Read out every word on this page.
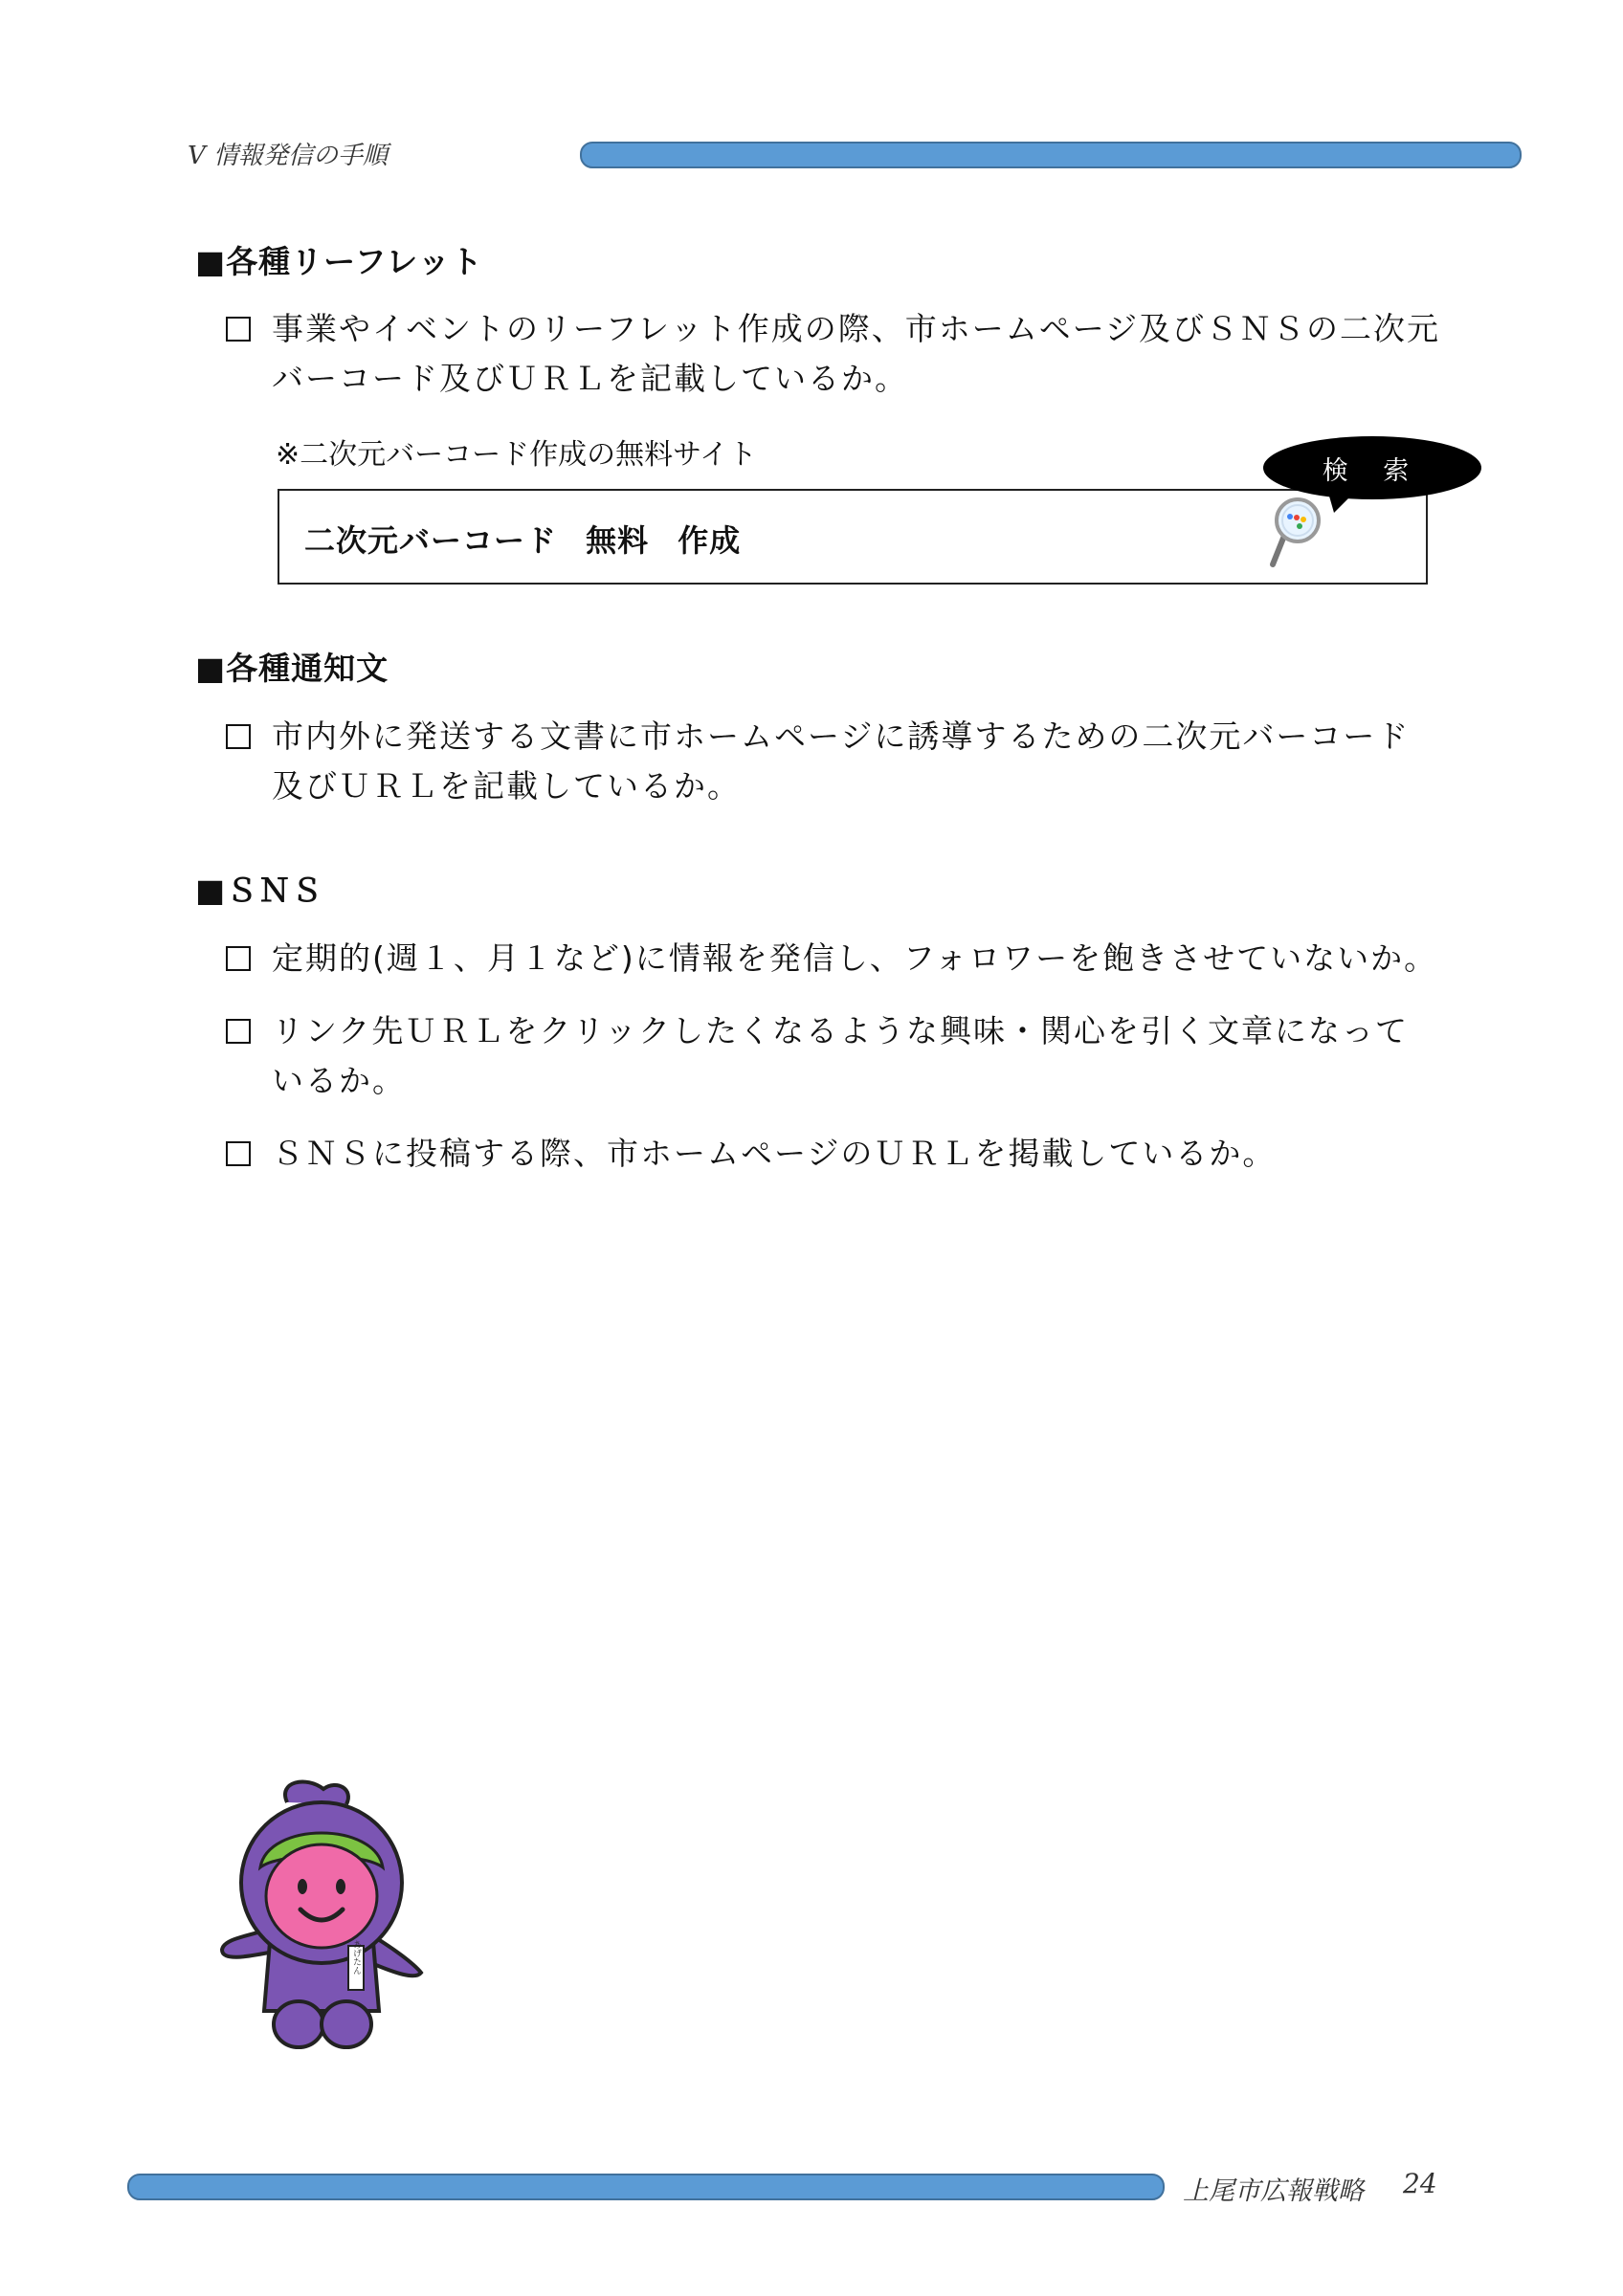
V 情報発信の手順
■各種リーフレット
事業やイベントのリーフレット作成の際、市ホームページ及びＳＮＳの二次元バーコード及びＵＲＬを記載しているか。
※二次元バーコード作成の無料サイト
二次元バーコード 無料 作成
検 索
■各種通知文
市内外に発送する文書に市ホームページに誘導するための二次元バーコード及びＵＲＬを記載しているか。
■ＳＮＳ
定期的(週１、月１など)に情報を発信し、フォロワーを飽きさせていないか。
リンク先ＵＲＬをクリックしたくなるような興味・関心を引く文章になっているか。
ＳＮＳに投稿する際、市ホームページのＵＲＬを掲載しているか。
あげたん
上尾市広報戦略 24
